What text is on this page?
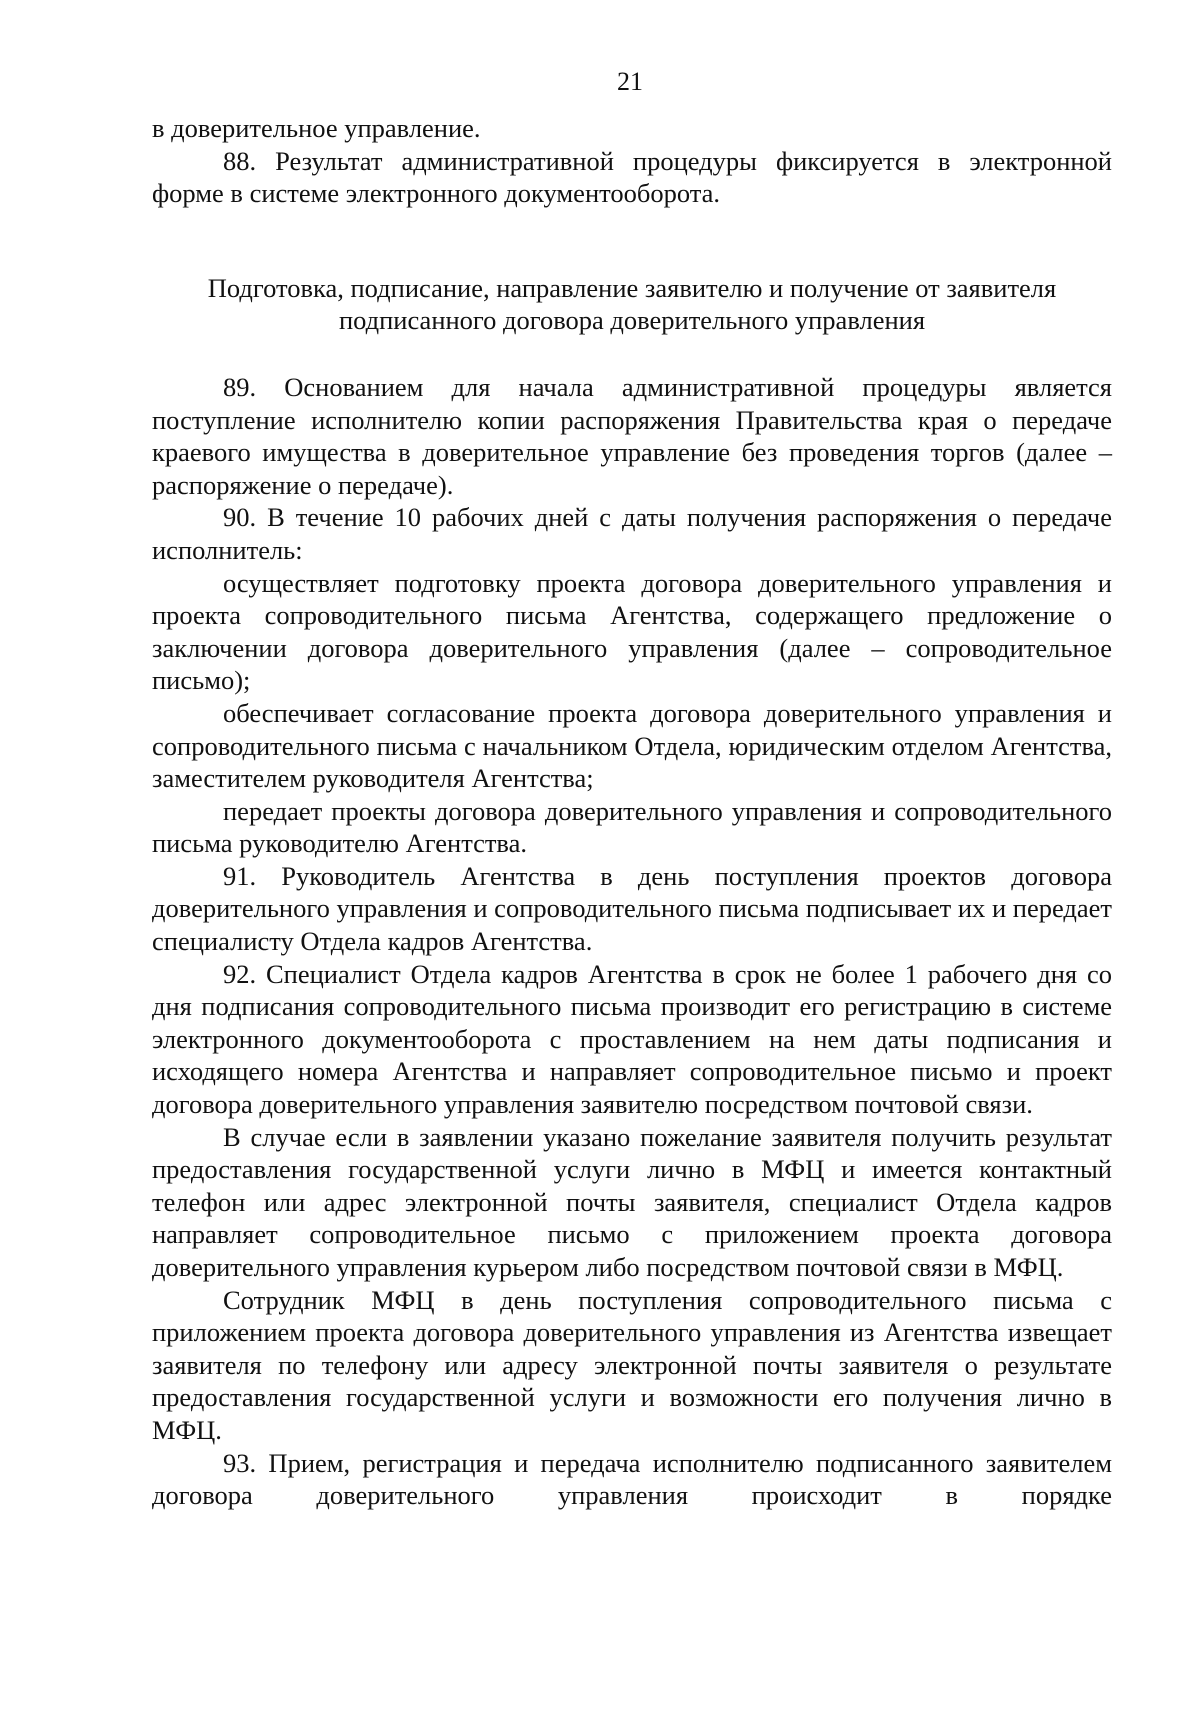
21

в доверительное управление.

88. Результат административной процедуры фиксируется в электронной форме в системе электронного документооборота.

Подготовка, подписание, направление заявителю и получение от заявителя подписанного договора доверительного управления

89. Основанием для начала административной процедуры является поступление исполнителю копии распоряжения Правительства края о передаче краевого имущества в доверительное управление без проведения торгов (далее – распоряжение о передаче).

90. В течение 10 рабочих дней с даты получения распоряжения о передаче исполнитель:

осуществляет подготовку проекта договора доверительного управления и проекта сопроводительного письма Агентства, содержащего предложение о заключении договора доверительного управления (далее – сопроводительное письмо);

обеспечивает согласование проекта договора доверительного управления и сопроводительного письма с начальником Отдела, юридическим отделом Агентства, заместителем руководителя Агентства;

передает проекты договора доверительного управления и сопроводительного письма руководителю Агентства.

91. Руководитель Агентства в день поступления проектов договора доверительного управления и сопроводительного письма подписывает их и передает специалисту Отдела кадров Агентства.

92. Специалист Отдела кадров Агентства в срок не более 1 рабочего дня со дня подписания сопроводительного письма производит его регистрацию в системе электронного документооборота с проставлением на нем даты подписания и исходящего номера Агентства и направляет сопроводительное письмо и проект договора доверительного управления заявителю посредством почтовой связи.

В случае если в заявлении указано пожелание заявителя получить результат предоставления государственной услуги лично в МФЦ и имеется контактный телефон или адрес электронной почты заявителя, специалист Отдела кадров направляет сопроводительное письмо с приложением проекта договора доверительного управления курьером либо посредством почтовой связи в МФЦ.

Сотрудник МФЦ в день поступления сопроводительного письма с приложением проекта договора доверительного управления из Агентства извещает заявителя по телефону или адресу электронной почты заявителя о результате предоставления государственной услуги и возможности его получения лично в МФЦ.

93. Прием, регистрация и передача исполнителю подписанного заявителем договора доверительного управления происходит в порядке
